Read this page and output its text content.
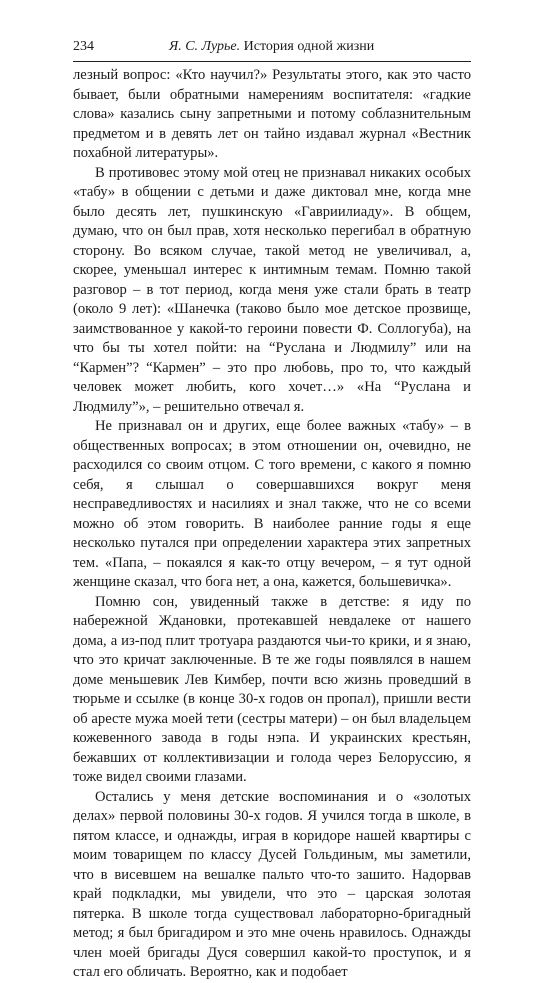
234	Я. С. Лурье. История одной жизни

лезный вопрос: «Кто научил?» Результаты этого, как это часто бывает, были обратными намерениям воспитателя: «гадкие слова» казались сыну запретными и потому соблазнительным предметом и в девять лет он тайно издавал журнал «Вестник похабной литературы».

В противовес этому мой отец не признавал никаких особых «табу» в общении с детьми и даже диктовал мне, когда мне было десять лет, пушкинскую «Гавриилиаду». В общем, думаю, что он был прав, хотя несколько перегибал в обратную сторону. Во всяком случае, такой метод не увеличивал, а, скорее, уменьшал интерес к интимным темам. Помню такой разговор – в тот период, когда меня уже стали брать в театр (около 9 лет): «Шанечка (таково было мое детское прозвище, заимствованное у какой-то героини повести Ф. Соллогуба), на что бы ты хотел пойти: на “Руслана и Людмилу” или на “Кармен”? “Кармен” – это про любовь, про то, что каждый человек может любить, кого хочет…» «На “Руслана и Людмилу”», – решительно отвечал я.

Не признавал он и других, еще более важных «табу» – в общественных вопросах; в этом отношении он, очевидно, не расходился со своим отцом. С того времени, с какого я помню себя, я слышал о совершавшихся вокруг меня несправедливостях и насилиях и знал также, что не со всеми можно об этом говорить. В наиболее ранние годы я еще несколько путался при определении характера этих запретных тем. «Папа, – покаялся я как-то отцу вечером, – я тут одной женщине сказал, что бога нет, а она, кажется, большевичка».

Помню сон, увиденный также в детстве: я иду по набережной Ждановки, протекавшей невдалеке от нашего дома, а из-под плит тротуара раздаются чьи-то крики, и я знаю, что это кричат заключенные. В те же годы появлялся в нашем доме меньшевик Лев Кимбер, почти всю жизнь проведший в тюрьме и ссылке (в конце 30-х годов он пропал), пришли вести об аресте мужа моей тети (сестры матери) – он был владельцем кожевенного завода в годы нэпа. И украинских крестьян, бежавших от коллективизации и голода через Белоруссию, я тоже видел своими глазами.

Остались у меня детские воспоминания и о «золотых делах» первой половины 30-х годов. Я учился тогда в школе, в пятом классе, и однажды, играя в коридоре нашей квартиры с моим товарищем по классу Дусей Гольдиным, мы заметили, что в висевшем на вешалке пальто что-то зашито. Надорвав край подкладки, мы увидели, что это – царская золотая пятерка. В школе тогда существовал лабораторно-бригадный метод; я был бригадиром и это мне очень нравилось. Однажды член моей бригады Дуся совершил какой-то проступок, и я стал его обличать. Вероятно, как и подобает
